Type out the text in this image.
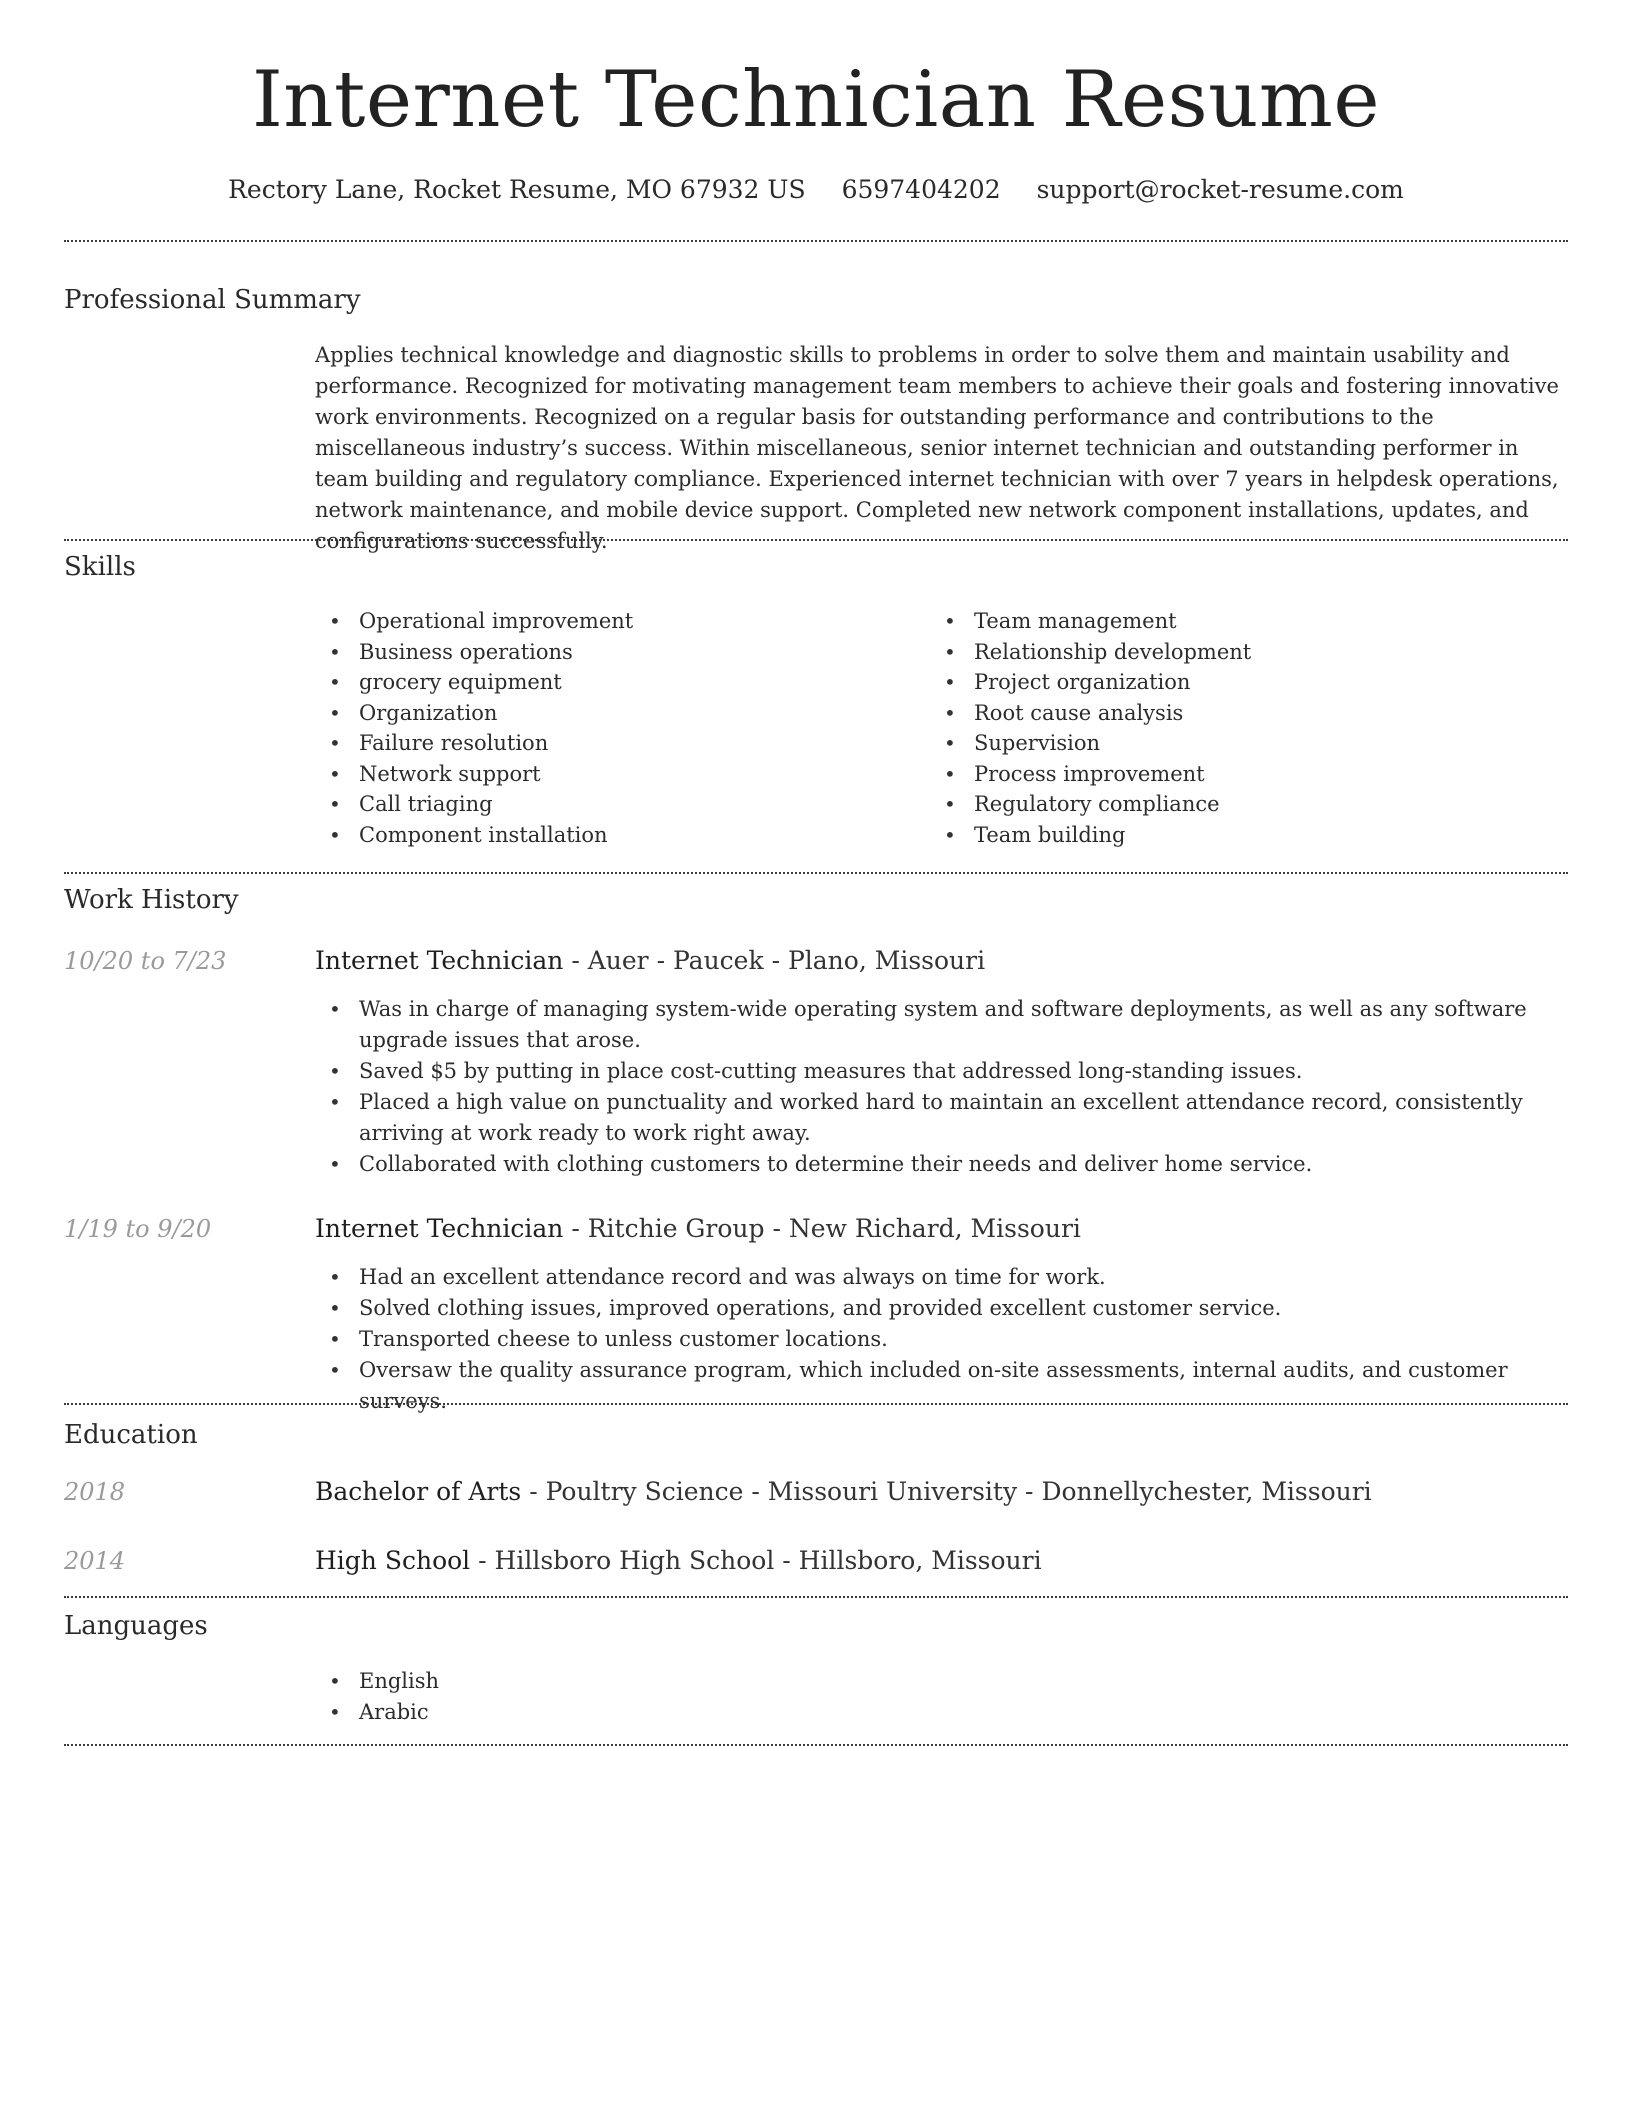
Internet Technician Resume
Rectory Lane, Rocket Resume, MO 67932 US 6597404202 support@rocket-resume.com
Professional Summary

Applies technical knowledge and diagnostic skills to problems in order to solve them and maintain usability and performance. Recognized for motivating management team members to achieve their goals and fostering innovative work environments. Recognized on a regular basis for outstanding performance and contributions to the miscellaneous industry’s success. Within miscellaneous, senior internet technician and outstanding performer in team building and regulatory compliance. Experienced internet technician with over 7 years in helpdesk operations, network maintenance, and mobile device support. Completed new network component installations, updates, and configurations successfully.

Skills
• Operational improvement
• Business operations
• grocery equipment
• Organization
• Failure resolution
• Network support
• Call triaging
• Component installation
• Team management
• Relationship development
• Project organization
• Root cause analysis
• Supervision
• Process improvement
• Regulatory compliance
• Team building
Work History
10/20 to 7/23	Internet Technician - Auer - Paucek - Plano, Missouri
• Was in charge of managing system-wide operating system and software deployments, as well as any software upgrade issues that arose.
• Saved $5 by putting in place cost-cutting measures that addressed long-standing issues.
• Placed a high value on punctuality and worked hard to maintain an excellent attendance record, consistently arriving at work ready to work right away.
• Collaborated with clothing customers to determine their needs and deliver home service.
1/19 to 9/20	Internet Technician - Ritchie Group - New Richard, Missouri
• Had an excellent attendance record and was always on time for work.
• Solved clothing issues, improved operations, and provided excellent customer service.
• Transported cheese to unless customer locations.
• Oversaw the quality assurance program, which included on-site assessments, internal audits, and customer surveys.
Education
2018	Bachelor of Arts - Poultry Science - Missouri University - Donnellychester, Missouri
2014	High School - Hillsboro High School - Hillsboro, Missouri
Languages
• English
• Arabic
